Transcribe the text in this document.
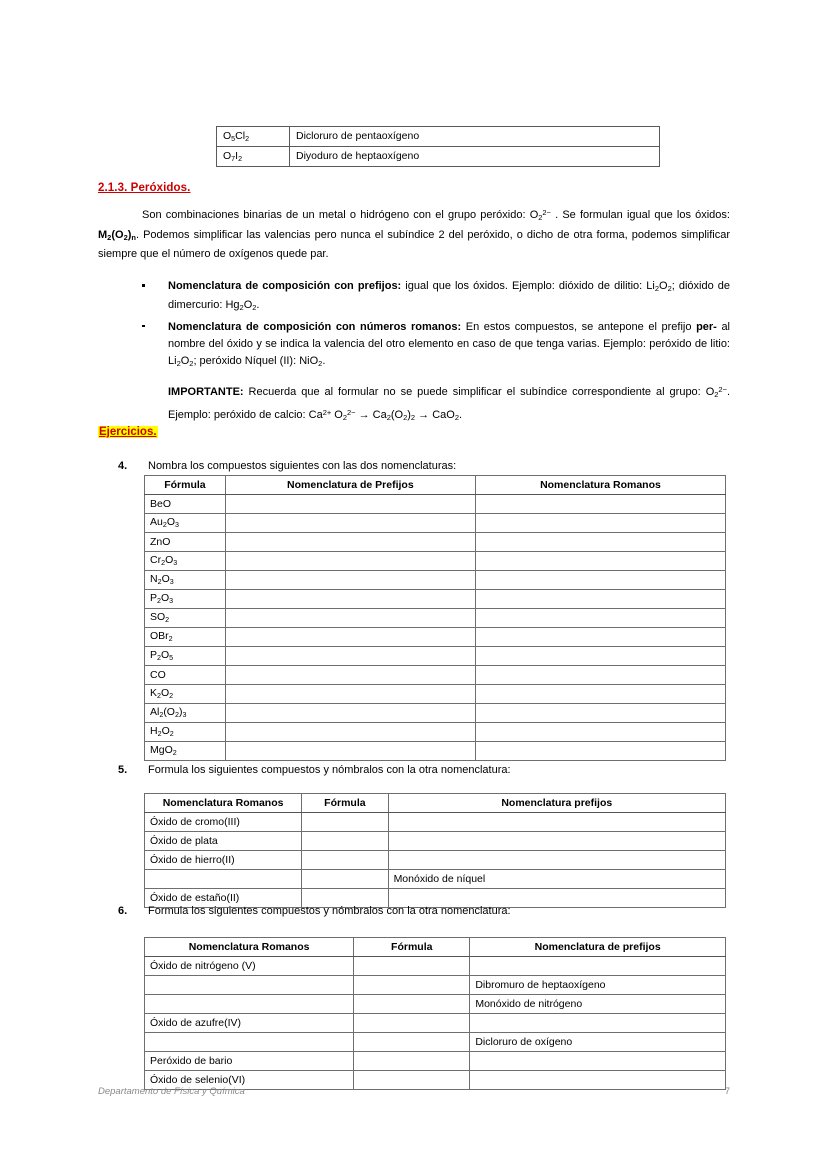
$O_5Cl_2$	Dicloruro de pentaoxígeno
$O_7I_2$	Diyoduro de heptaoxígeno
2.1.3. Peróxidos.
Son combinaciones binarias de un metal o hidrógeno con el grupo peróxido: $O_2^{2-}$ . Se formulan igual que los óxidos: $M_2(O_2)_n$. Podemos simplificar las valencias pero nunca el subíndice 2 del peróxido, o dicho de otra forma, podemos simplificar siempre que el número de oxígenos quede par.
Nomenclatura de composición con prefijos: igual que los óxidos. Ejemplo: dióxido de dilitio: $Li_2O_2$; dióxido de dimercurio: $Hg_2O_2$.
Nomenclatura de composición con números romanos: En estos compuestos, se antepone el prefijo per- al nombre del óxido y se indica la valencia del otro elemento en caso de que tenga varias. Ejemplo: peróxido de litio: $Li_2O_2$; peróxido Níquel (II): NiO$_2$.
IMPORTANTE: Recuerda que al formular no se puede simplificar el subíndice correspondiente al grupo: $O_2^{2-}$. Ejemplo: peróxido de calcio: $Ca^{2+}$ $O_2^{2-} \to Ca_2(O_2)_2 \to CaO_2$.
Ejercicios.
4.	Nombra los compuestos siguientes con las dos nomenclaturas:
Fórmula	Nomenclatura de Prefijos	Nomenclatura Romanos
BeO		
$Au_2O_3$		
ZnO		
$Cr_2O_3$		
$N_2O_3$		
$P_2O_3$		
$SO_2$		
OBr$_2$		
$P_2O_5$		
CO		
$K_2O_2$		
$Al_2(O_2)_3$		
$H_2O_2$		
MgO$_2$		
5.	Formula los siguientes compuestos y nómbralos con la otra nomenclatura:
Nomenclatura Romanos	Fórmula	Nomenclatura prefijos
Óxido de cromo(III)		
Óxido de plata		
Óxido de hierro(II)		
		Monóxido de níquel
Óxido de estaño(II)		
6.	Formula los siguientes compuestos y nómbralos con la otra nomenclatura:
Nomenclatura Romanos	Fórmula	Nomenclatura de prefijos
Óxido de nitrógeno (V)		
		Dibromuro de heptaoxígeno
		Monóxido de nitrógeno
Óxido de azufre(IV)		
		Dicloruro de oxígeno
Peróxido de bario		
Óxido de selenio(VI)		
Departamento de Física y Química	7
